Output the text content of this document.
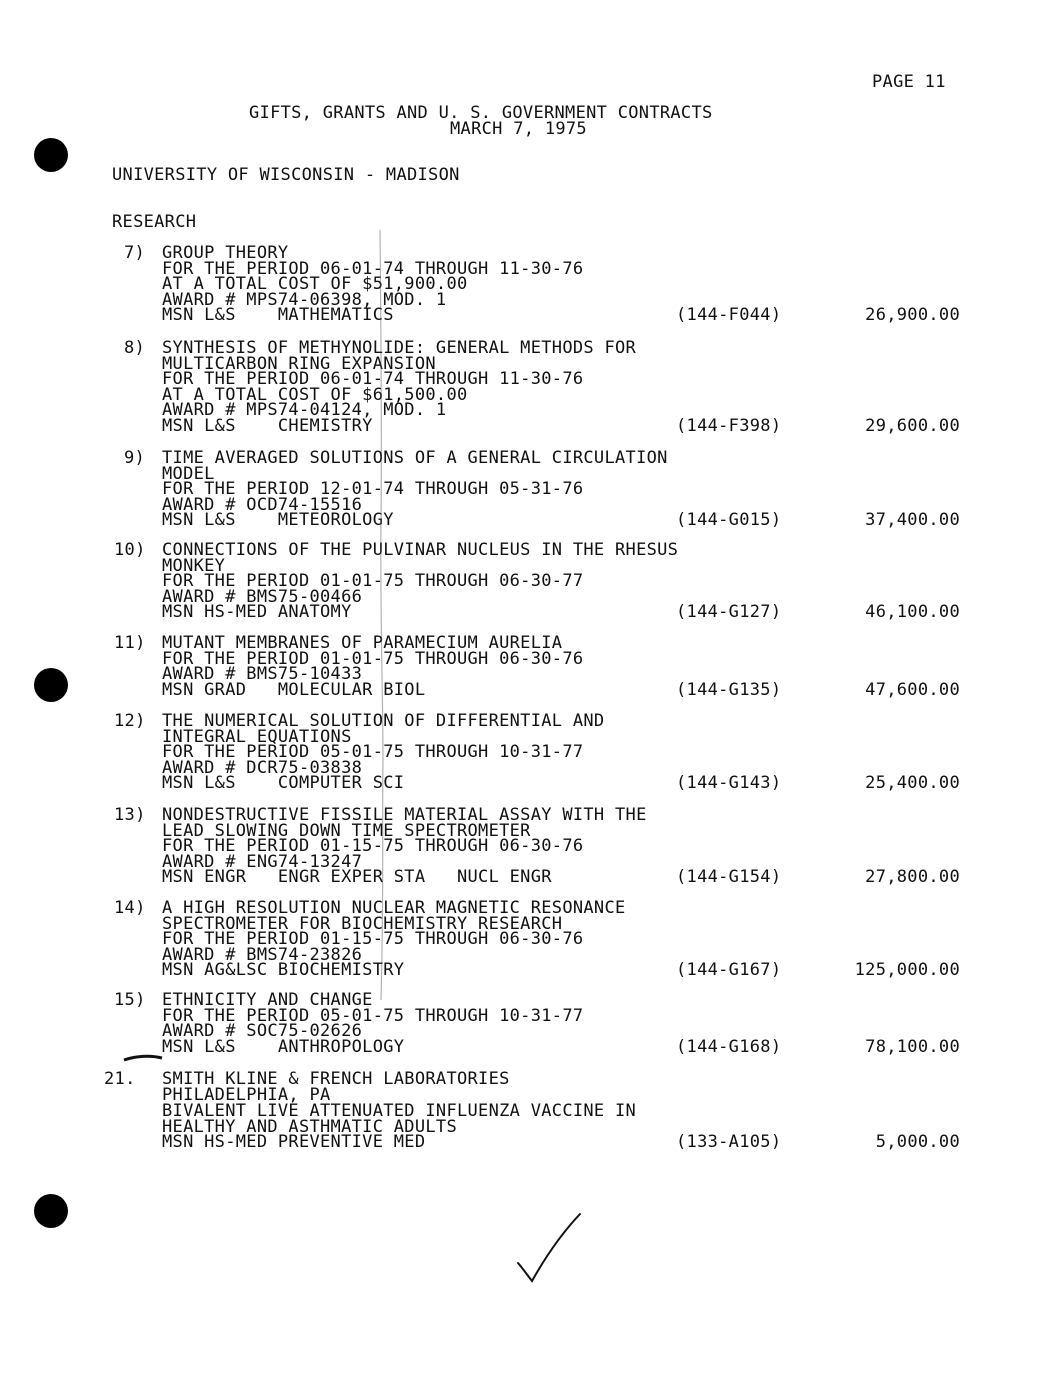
PAGE 11
GIFTS, GRANTS AND U. S. GOVERNMENT CONTRACTS
MARCH 7, 1975
UNIVERSITY OF WISCONSIN - MADISON
RESEARCH
7) GROUP THEORY
FOR THE PERIOD 06-01-74 THROUGH 11-30-76
AT A TOTAL COST OF $51,900.00
AWARD # MPS74-06398, MOD. 1
MSN L&S    MATHEMATICS	(144-F044)	26,900.00
8) SYNTHESIS OF METHYNOLIDE: GENERAL METHODS FOR
MULTICARBON RING EXPANSION
FOR THE PERIOD 06-01-74 THROUGH 11-30-76
AT A TOTAL COST OF $61,500.00
AWARD # MPS74-04124, MOD. 1
MSN L&S    CHEMISTRY	(144-F398)	29,600.00
9) TIME AVERAGED SOLUTIONS OF A GENERAL CIRCULATION
MODEL
FOR THE PERIOD 12-01-74 THROUGH 05-31-76
AWARD # OCD74-15516
MSN L&S    METEOROLOGY	(144-G015)	37,400.00
10) CONNECTIONS OF THE PULVINAR NUCLEUS IN THE RHESUS
MONKEY
FOR THE PERIOD 01-01-75 THROUGH 06-30-77
AWARD # BMS75-00466
MSN HS-MED ANATOMY	(144-G127)	46,100.00
11) MUTANT MEMBRANES OF PARAMECIUM AURELIA
FOR THE PERIOD 01-01-75 THROUGH 06-30-76
AWARD # BMS75-10433
MSN GRAD   MOLECULAR BIOL	(144-G135)	47,600.00
12) THE NUMERICAL SOLUTION OF DIFFERENTIAL AND
INTEGRAL EQUATIONS
FOR THE PERIOD 05-01-75 THROUGH 10-31-77
AWARD # DCR75-03838
MSN L&S    COMPUTER SCI	(144-G143)	25,400.00
13) NONDESTRUCTIVE FISSILE MATERIAL ASSAY WITH THE
LEAD SLOWING DOWN TIME SPECTROMETER
FOR THE PERIOD 01-15-75 THROUGH 06-30-76
AWARD # ENG74-13247
MSN ENGR   ENGR EXPER STA   NUCL ENGR	(144-G154)	27,800.00
14) A HIGH RESOLUTION NUCLEAR MAGNETIC RESONANCE
SPECTROMETER FOR BIOCHEMISTRY RESEARCH
FOR THE PERIOD 01-15-75 THROUGH 06-30-76
AWARD # BMS74-23826
MSN AG&LSC BIOCHEMISTRY	(144-G167)	125,000.00
15) ETHNICITY AND CHANGE
FOR THE PERIOD 05-01-75 THROUGH 10-31-77
AWARD # SOC75-02626
MSN L&S    ANTHROPOLOGY	(144-G168)	78,100.00
21. SMITH KLINE & FRENCH LABORATORIES
PHILADELPHIA, PA
BIVALENT LIVE ATTENUATED INFLUENZA VACCINE IN
HEALTHY AND ASTHMATIC ADULTS
MSN HS-MED PREVENTIVE MED	(133-A105)	5,000.00
